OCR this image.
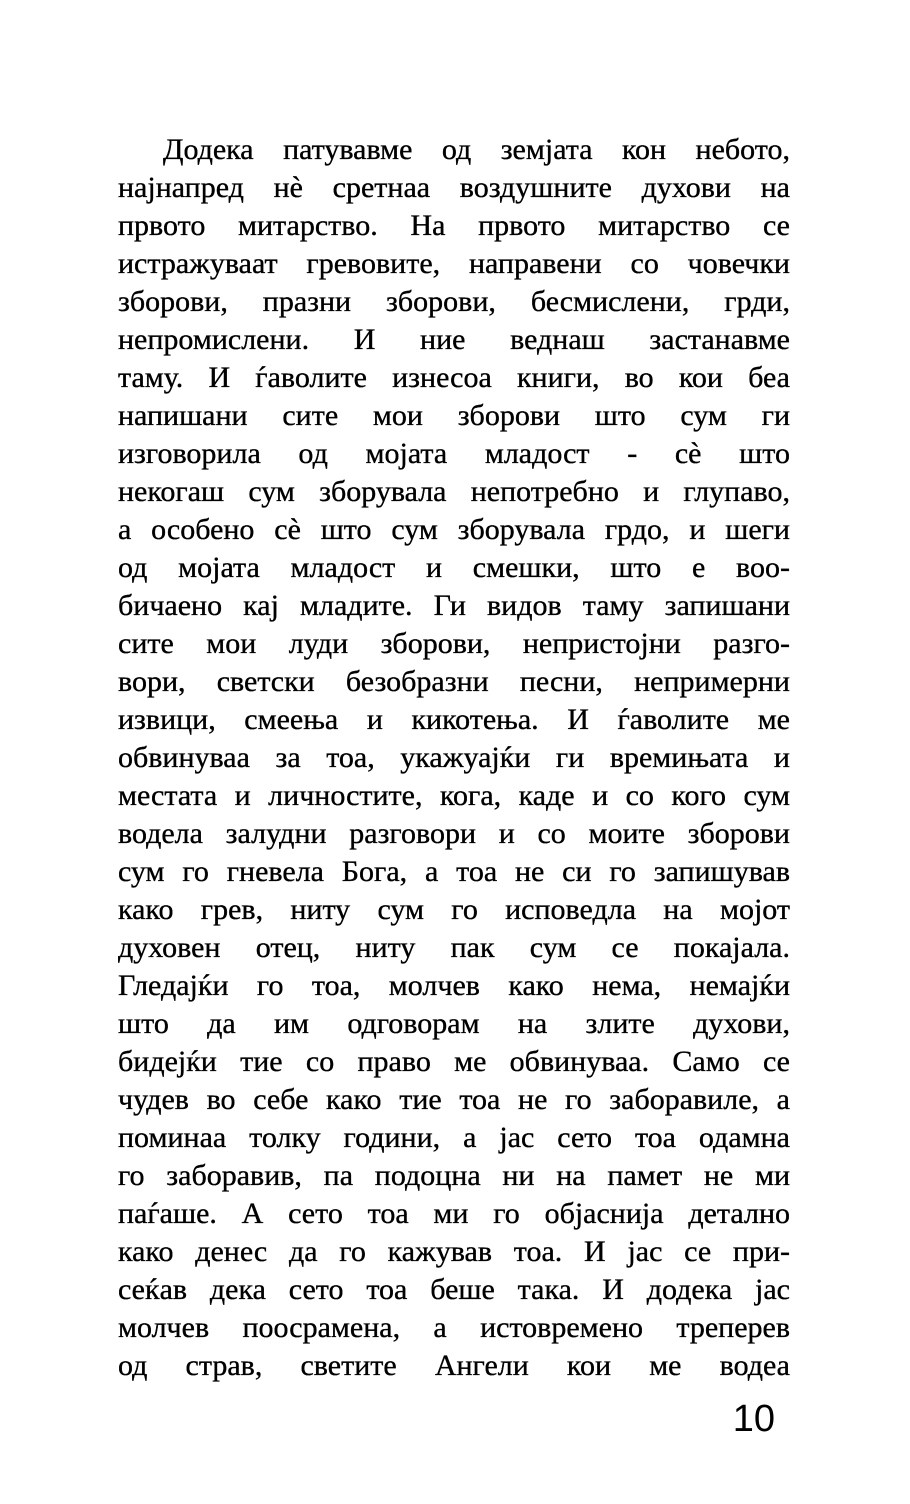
Додека патувавме од земјата кон небото,
најнапред нѐ сретнаа воздушните духови на
првото митарство. На првото митарство се
истражуваат гревовите, направени со човечки
зборови, празни зборови, бесмислени, грди,
непромислени. И ние веднаш застанавме
таму. И ѓаволите изнесоа книги, во кои беа
напишани сите мои зборови што сум ги
изговорила од мојата младост - сѐ што
некогаш сум зборувала непотребно и глупаво,
а особено сѐ што сум зборувала грдо, и шеги
од мојата младост и смешки, што е воо-
бичаено кај младите. Ги видов таму запишани
сите мои луди зборови, непристојни разго-
вори, светски безобразни песни, непримерни
извици, смеења и кикотења. И ѓаволите ме
обвинуваа за тоа, укажуајќи ги времињата и
местата и личностите, кога, каде и со кого сум
водела залудни разговори и со моите зборови
сум го гневела Бога, а тоа не си го запишував
како грев, ниту сум го исповедла на мојот
духовен отец, ниту пак сум се покајала.
Гледајќи го тоа, молчев како нема, немајќи
што да им одговорам на злите духови,
бидејќи тие со право ме обвинуваа. Само се
чудев во себе како тие тоа не го заборавиле, а
поминаа толку години, а јас сето тоа одамна
го заборавив, па подоцна ни на памет не ми
паѓаше. А сето тоа ми го објаснија детално
како денес да го кажував тоа. И јас се при-
сеќав дека сето тоа беше така. И додека јас
молчев поосрамена, а истовремено треперев
од страв, светите Ангели кои ме водеа
10
